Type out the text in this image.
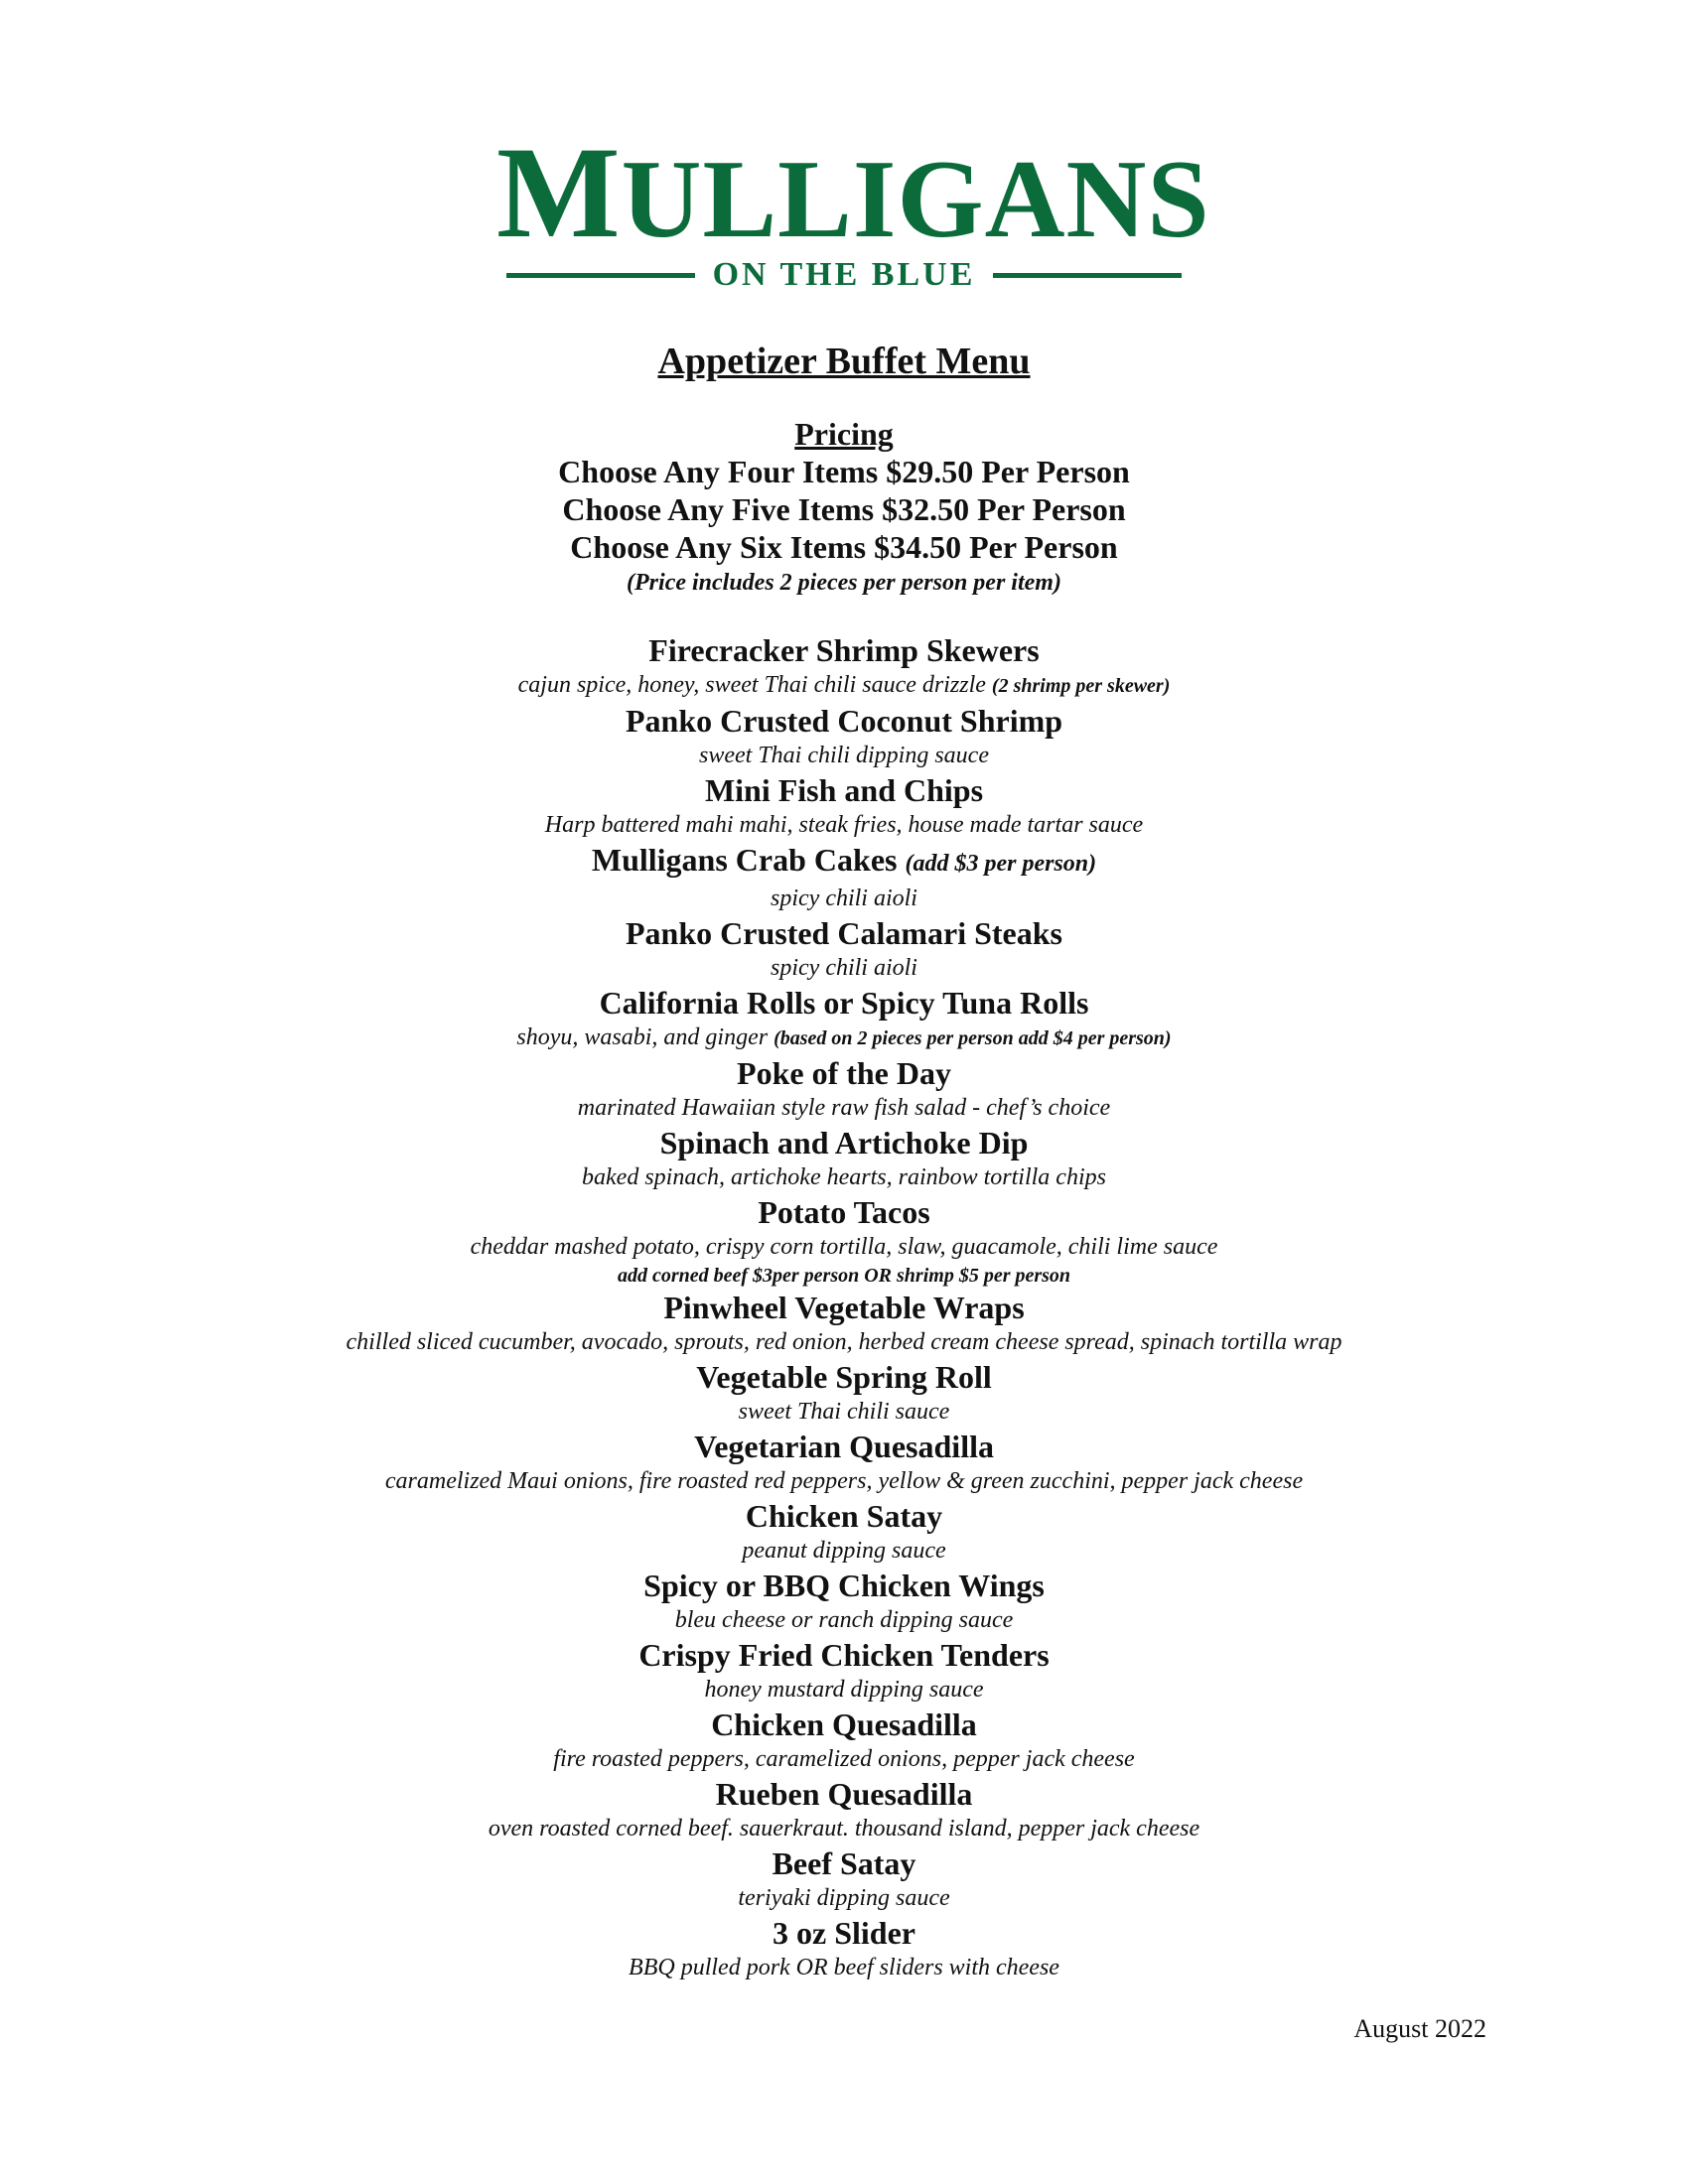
MULLIGANS
ON THE BLUE
Appetizer Buffet Menu
Pricing
Choose Any Four Items $29.50 Per Person
Choose Any Five Items $32.50 Per Person
Choose Any Six Items $34.50 Per Person
(Price includes 2 pieces per person per item)
Firecracker Shrimp Skewers
cajun spice, honey, sweet Thai chili sauce drizzle (2 shrimp per skewer)
Panko Crusted Coconut Shrimp
sweet Thai chili dipping sauce
Mini Fish and Chips
Harp battered mahi mahi, steak fries, house made tartar sauce
Mulligans Crab Cakes (add $3 per person)
spicy chili aioli
Panko Crusted Calamari Steaks
spicy chili aioli
California Rolls or Spicy Tuna Rolls
shoyu, wasabi, and ginger (based on 2 pieces per person add $4 per person)
Poke of the Day
marinated Hawaiian style raw fish salad - chef’s choice
Spinach and Artichoke Dip
baked spinach, artichoke hearts, rainbow tortilla chips
Potato Tacos
cheddar mashed potato, crispy corn tortilla, slaw, guacamole, chili lime sauce
add corned beef $3per person OR shrimp $5 per person
Pinwheel Vegetable Wraps
chilled sliced cucumber, avocado, sprouts, red onion, herbed cream cheese spread, spinach tortilla wrap
Vegetable Spring Roll
sweet Thai chili sauce
Vegetarian Quesadilla
caramelized Maui onions, fire roasted red peppers, yellow & green zucchini, pepper jack cheese
Chicken Satay
peanut dipping sauce
Spicy or BBQ Chicken Wings
bleu cheese or ranch dipping sauce
Crispy Fried Chicken Tenders
honey mustard dipping sauce
Chicken Quesadilla
fire roasted peppers, caramelized onions, pepper jack cheese
Rueben Quesadilla
oven roasted corned beef. sauerkraut. thousand island, pepper jack cheese
Beef Satay
teriyaki dipping sauce
3 oz Slider
BBQ pulled pork OR beef sliders with cheese
August 2022
